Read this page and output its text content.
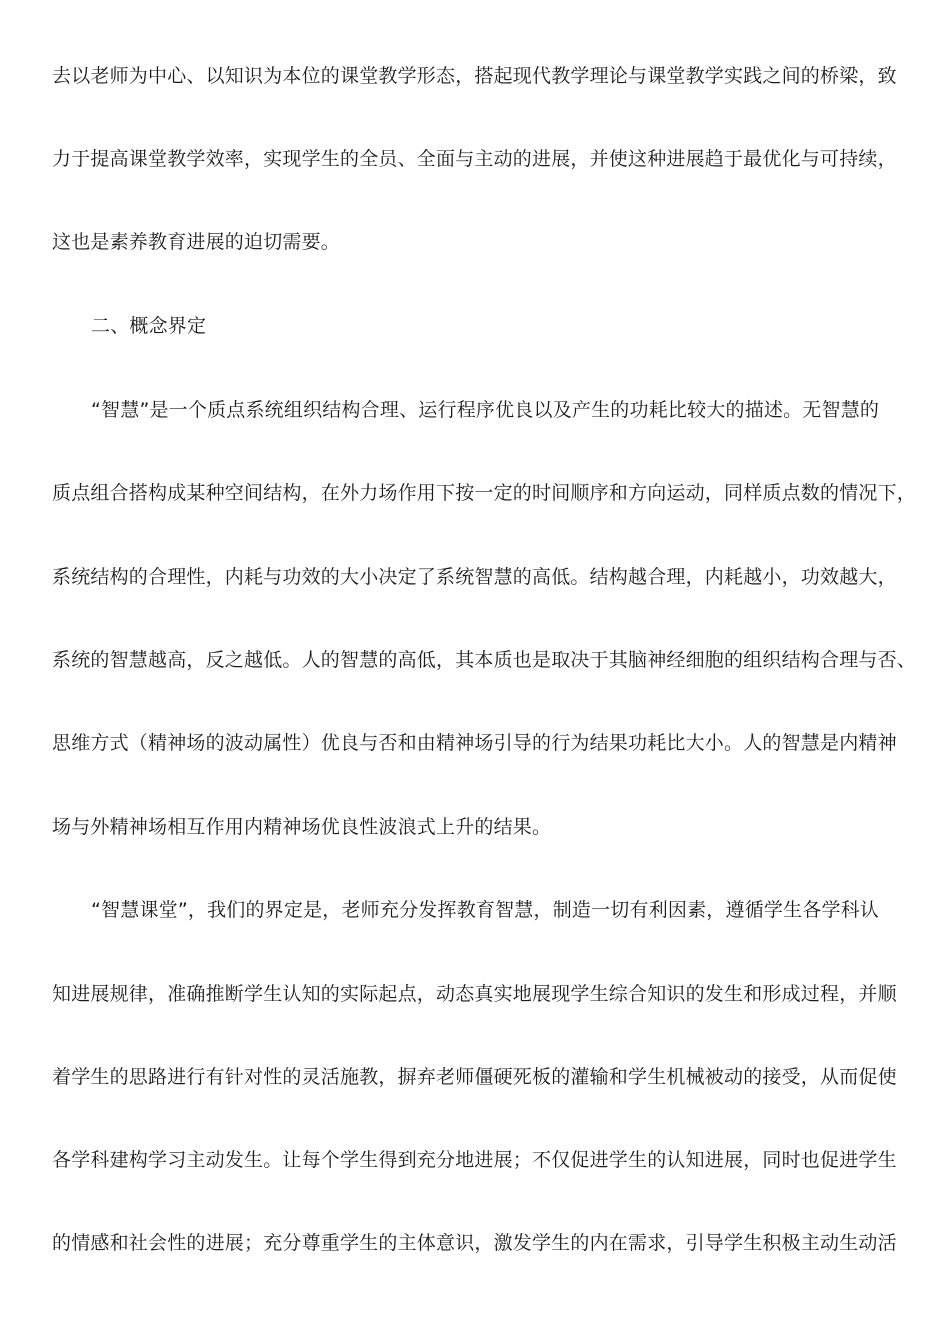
去以老师为中心、以知识为本位的课堂教学形态，搭起现代教学理论与课堂教学实践之间的桥梁，致
力于提高课堂教学效率，实现学生的全员、全面与主动的进展，并使这种进展趋于最优化与可持续，
这也是素养教育进展的迫切需要。
二、概念界定
“智慧”是一个质点系统组织结构合理、运行程序优良以及产生的功耗比较大的描述。无智慧的
质点组合搭构成某种空间结构，在外力场作用下按一定的时间顺序和方向运动，同样质点数的情况下，
系统结构的合理性，内耗与功效的大小决定了系统智慧的高低。结构越合理，内耗越小，功效越大，
系统的智慧越高，反之越低。人的智慧的高低，其本质也是取决于其脑神经细胞的组织结构合理与否、
思维方式（精神场的波动属性）优良与否和由精神场引导的行为结果功耗比大小。人的智慧是内精神
场与外精神场相互作用内精神场优良性波浪式上升的结果。
“智慧课堂”，我们的界定是，老师充分发挥教育智慧，制造一切有利因素，遵循学生各学科认
知进展规律，准确推断学生认知的实际起点，动态真实地展现学生综合知识的发生和形成过程，并顺
着学生的思路进行有针对性的灵活施教，摒弃老师僵硬死板的灌输和学生机械被动的接受，从而促使
各学科建构学习主动发生。让每个学生得到充分地进展；不仅促进学生的认知进展，同时也促进学生
的情感和社会性的进展；充分尊重学生的主体意识，激发学生的内在需求，引导学生积极主动生动活
